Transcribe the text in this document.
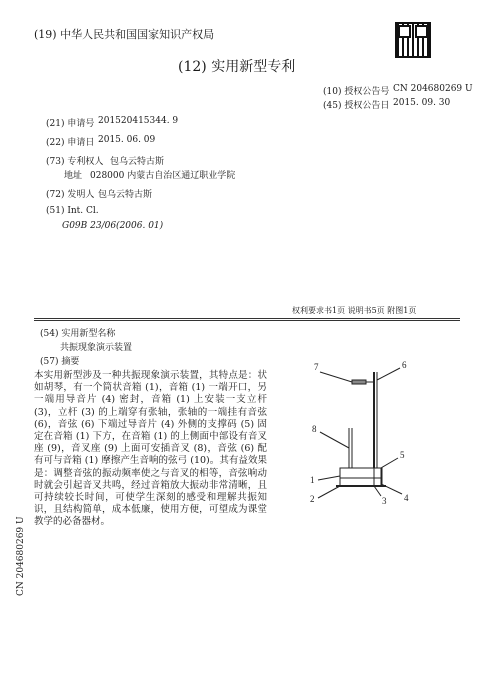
(19) 中华人民共和国国家知识产权局
(12) 实用新型专利
(10) 授权公告号 CN 204680269 U
(45) 授权公告日 2015. 09. 30
(21) 申请号 201520415344. 9
(22) 申请日 2015. 06. 09
(73) 专利权人 包乌云特古斯
地址 028000 内蒙古自治区通辽职业学院
(72) 发明人 包乌云特古斯
(51) Int. Cl.
G09B 23/06(2006. 01)
权利要求书1页 说明书5页 附图1页
(54) 实用新型名称
共振现象演示装置
(57) 摘要
本实用新型涉及一种共振现象演示装置，其特点是：状如胡琴，有一个筒状音箱 (1)，音箱 (1) 一端开口，另一端用导音片 (4) 密封，音箱 (1) 上安装一支立杆 (3)，立杆 (3) 的上端穿有张轴，张轴的一端挂有音弦 (6)，音弦 (6) 下端过导音片 (4) 外侧的支撑码 (5) 固定在音箱 (1) 下方，在音箱 (1) 的上侧面中部设有音叉座 (9)，音叉座 (9) 上面可安插音叉 (8)，音弦 (6) 配有可与音箱 (1) 摩擦产生音响的弦弓 (10)。其有益效果是：调整音弦的振动频率使之与音叉的相等，音弦响动时就会引起音叉共鸣，经过音箱放大振动非常清晰，且可持续较长时间，可使学生深刻的感受和理解共振知识，且结构简单，成本低廉，使用方便，可望成为课堂教学的必备器材。
CN 204680269 U
7	6
8
5
1
2	3 4
